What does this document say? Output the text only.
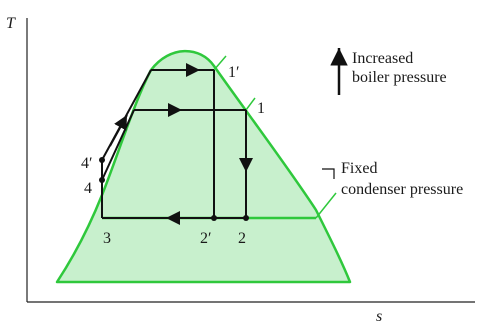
T
s
1′
1
4′
4
3	2′ 2
Increased
boiler pressure
Fixed
condenser pressure
